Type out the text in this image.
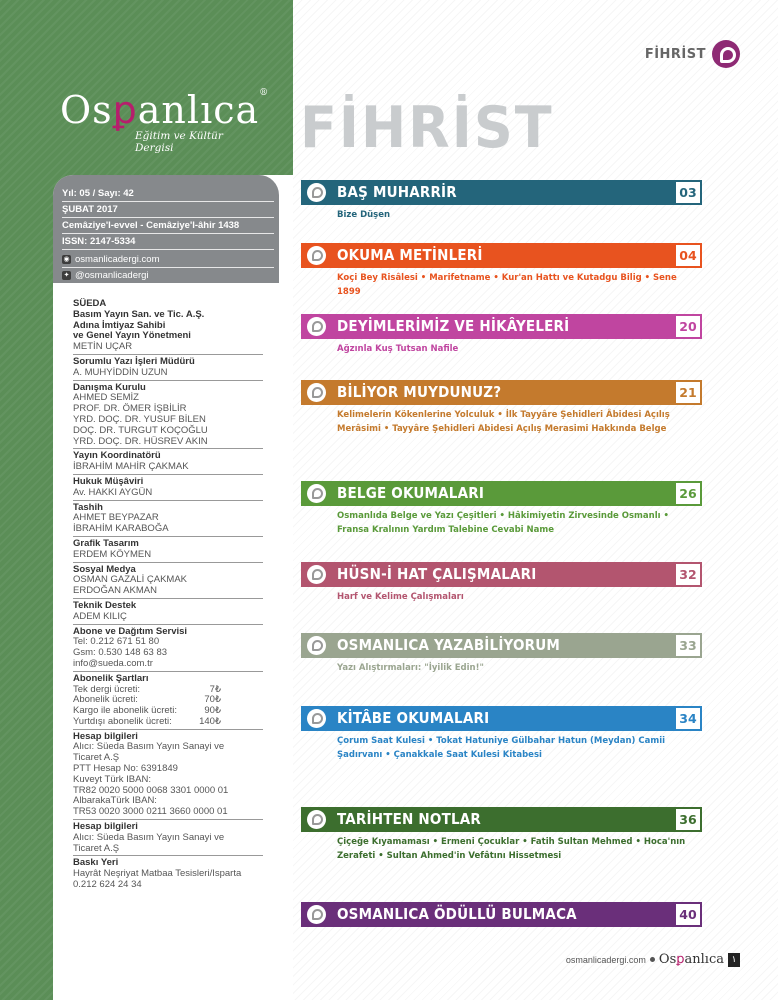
Osꝑanlıca®
Eğitim ve Kültür Dergisi
Yıl: 05 / Sayı: 42
ŞUBAT 2017
Cemâziye'l-evvel - Cemâziye'l-âhir 1438
ISSN: 2147-5334
◉ osmanlicadergi.com
✦ @osmanlicadergi
SÜEDA
Basım Yayın San. ve Tic. A.Ş.
Adına İmtiyaz Sahibi
ve Genel Yayın Yönetmeni
METİN UÇAR
Sorumlu Yazı İşleri Müdürü
A. MUHYİDDİN UZUN
Danışma Kurulu
AHMED SEMİZ
PROF. DR. ÖMER İŞBİLİR
YRD. DOÇ. DR. YUSUF BİLEN
DOÇ. DR. TURGUT KOÇOĞLU
YRD. DOÇ. DR. HÜSREV AKIN
Yayın Koordinatörü
İBRAHİM MAHİR ÇAKMAK
Hukuk Müşâviri
Av. HAKKI AYGÜN
Tashih
AHMET BEYPAZAR
İBRAHİM KARABOĞA
Grafik Tasarım
ERDEM KÖYMEN
Sosyal Medya
OSMAN GAZALİ ÇAKMAK
ERDOĞAN AKMAN
Teknik Destek
ADEM KILIÇ
Abone ve Dağıtım Servisi
Tel: 0.212 671 51 80
Gsm: 0.530 148 63 83
info@sueda.com.tr
Abonelik Şartları
Tek dergi ücreti:	7₺
Abonelik ücreti:	70₺
Kargo ile abonelik ücreti:	90₺
Yurtdışı abonelik ücreti:	140₺
Hesap bilgileri
Alıcı: Süeda Basım Yayın Sanayi ve
Ticaret A.Ş
PTT Hesap No: 6391849
Kuveyt Türk IBAN:
TR82 0020 5000 0068 3301 0000 01
AlbarakaTürk IBAN:
TR53 0020 3000 0211 3660 0000 01
Hesap bilgileri
Alıcı: Süeda Basım Yayın Sanayi ve
Ticaret A.Ş
Baskı Yeri
Hayrât Neşriyat Matbaa Tesisleri/Isparta
0.212 624 24 34
FİHRİST
FİHRİST
BAŞ MUHARRİR	03
Bize Düşen
OKUMA METİNLERİ	04
Koçi Bey Risâlesi • Marifetname • Kur'an Hattı ve Kutadgu Bilig • Sene 1899
DEYİMLERİMİZ VE HİKÂYELERİ	20
Ağzınla Kuş Tutsan Nafile
BİLİYOR MUYDUNUZ?	21
Kelimelerin Kökenlerine Yolculuk • İlk Tayyâre Şehidleri Âbidesi Açılış
Merâsimi • Tayyâre Şehidleri Abidesi Açılış Merasimi Hakkında Belge
BELGE OKUMALARI	26
Osmanlıda Belge ve Yazı Çeşitleri • Hâkimiyetin Zirvesinde Osmanlı •
Fransa Kralının Yardım Talebine Cevabi Name
HÜSN-İ HAT ÇALIŞMALARI	32
Harf ve Kelime Çalışmaları
OSMANLICA YAZABİLİYORUM	33
Yazı Alıştırmaları: "İyilik Edin!"
KİTÂBE OKUMALARI	34
Çorum Saat Kulesi • Tokat Hatuniye Gülbahar Hatun (Meydan) Camii
Şadırvanı • Çanakkale Saat Kulesi Kitabesi
TARİHTEN NOTLAR	36
Çiçeğe Kıyamaması • Ermeni Çocuklar • Fatih Sultan Mehmed • Hoca'nın
Zerafeti • Sultan Ahmed'in Vefâtını Hissetmesi
OSMANLICA ÖDÜLLÜ BULMACA	40
osmanlicadergi.com Osꝑanlıca ١
